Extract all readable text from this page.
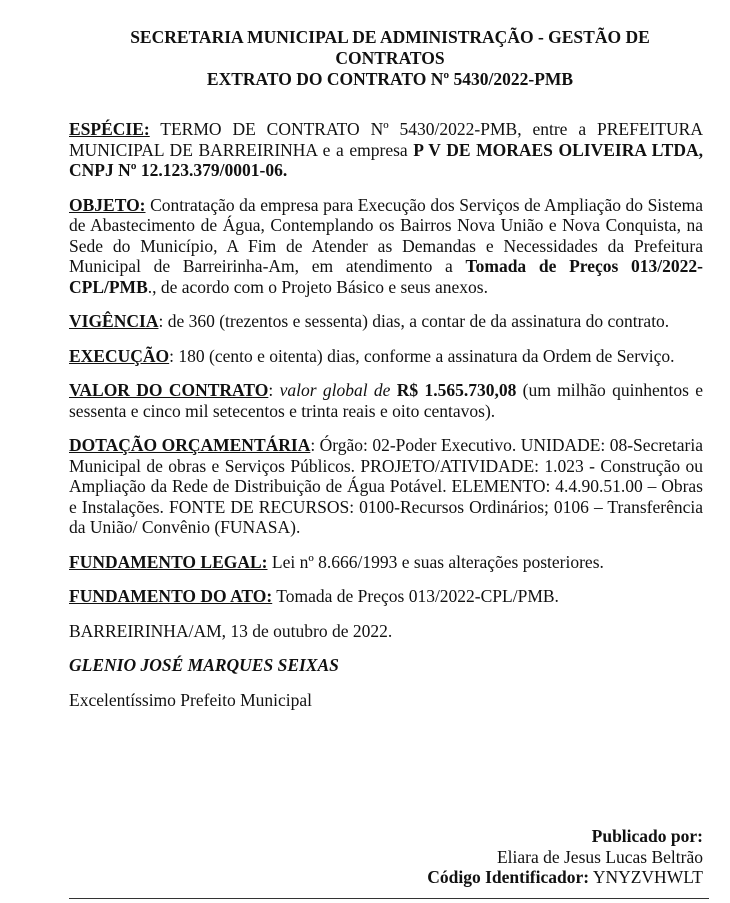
SECRETARIA MUNICIPAL DE ADMINISTRAÇÃO - GESTÃO DE
CONTRATOS
EXTRATO DO CONTRATO Nº 5430/2022-PMB

ESPÉCIE: TERMO DE CONTRATO Nº 5430/2022-PMB, entre a PREFEITURA MUNICIPAL DE BARREIRINHA e a empresa P V DE MORAES OLIVEIRA LTDA, CNPJ Nº 12.123.379/0001-06.

OBJETO: Contratação da empresa para Execução dos Serviços de Ampliação do Sistema de Abastecimento de Água, Contemplando os Bairros Nova União e Nova Conquista, na Sede do Município, A Fim de Atender as Demandas e Necessidades da Prefeitura Municipal de Barreirinha-Am, em atendimento a Tomada de Preços 013/2022-CPL/PMB., de acordo com o Projeto Básico e seus anexos.

VIGÊNCIA: de 360 (trezentos e sessenta) dias, a contar de da assinatura do contrato.

EXECUÇÃO: 180 (cento e oitenta) dias, conforme a assinatura da Ordem de Serviço.

VALOR DO CONTRATO: valor global de R$ 1.565.730,08 (um milhão quinhentos e sessenta e cinco mil setecentos e trinta reais e oito centavos).

DOTAÇÃO ORÇAMENTÁRIA: Órgão: 02-Poder Executivo. UNIDADE: 08-Secretaria Municipal de obras e Serviços Públicos. PROJETO/ATIVIDADE: 1.023 - Construção ou Ampliação da Rede de Distribuição de Água Potável. ELEMENTO: 4.4.90.51.00 – Obras e Instalações. FONTE DE RECURSOS: 0100-Recursos Ordinários; 0106 – Transferência da União/ Convênio (FUNASA).

FUNDAMENTO LEGAL: Lei nº 8.666/1993 e suas alterações posteriores.

FUNDAMENTO DO ATO: Tomada de Preços 013/2022-CPL/PMB.

BARREIRINHA/AM, 13 de outubro de 2022.

GLENIO JOSÉ MARQUES SEIXAS

Excelentíssimo Prefeito Municipal

Publicado por:
Eliara de Jesus Lucas Beltrão
Código Identificador: YNYZVHWLT
